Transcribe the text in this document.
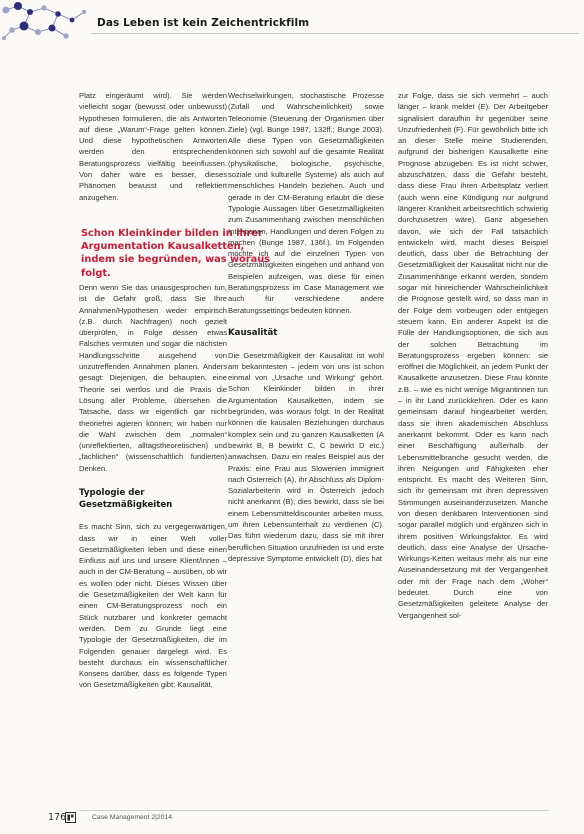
Das Leben ist kein Zeichentrickfilm

Platz eingeräumt wird). Sie werden vielleicht sogar (bewusst oder unbewusst) Hypothesen formulieren, die als Antworten auf diese „Warum“-Frage gelten können. Und diese hypothetischen Antworten werden den entsprechenden Beratungsprozess vielfältig beeinflussen. Von daher wäre es besser, dieses Phänomen bewusst und reflektiert anzugehen.

Schon Kleinkinder bilden in ihrer Argumentation Kausalketten, indem sie begründen, was woraus folgt.

Denn wenn Sie das unausgesprochen tun, ist die Gefahr groß, dass Sie Ihre Annahmen/Hypothesen weder empirisch (z.B. durch Nachfragen) noch gezielt überprüfen, in Folge dessen etwas Falsches vermuten und sogar die nächsten Handlungsschritte ausgehend von unzutreffenden Annahmen planen. Anders gesagt: Diejenigen, die behaupten, eine Theorie sei wertlos und die Praxis die Lösung aller Probleme, übersehen die Tatsache, dass wir eigentlich gar nicht theoriefrei agieren können; wir haben nur die Wahl zwischen dem „normalen“ (unreflektierten, alltagstheoretischen) und „fachlichen“ (wissenschaftlich fundierten) Denken.

Typologie der Gesetzmäßigkeiten

Es macht Sinn, sich zu vergegenwärtigen, dass wir in einer Welt voller Gesetzmäßigkeiten leben und diese einen Einfluss auf uns und unsere Klient/innen – auch in der CM-Beratung – ausüben, ob wir es wollen oder nicht. Dieses Wissen über die Gesetzmäßigkeiten der Welt kann für einen CM-Beratungsprozess noch ein Stück nutzbarer und konkreter gemacht werden. Dem zu Grunde liegt eine Typologie der Gesetzmäßigkeiten, die im Folgenden genauer dargelegt wird. Es besteht durchaus ein wissenschaftlicher Konsens darüber, dass es folgende Typen von Gesetzmäßigkeiten gibt: Kausalität,

Wechselwirkungen, stochastische Prozesse (Zufall und Wahrscheinlichkeit) sowie Teleonomie (Steuerung der Organismen über Ziele) (vgl. Bunge 1987, 132ff.; Bunge 2003). Alle diese Typen von Gesetzmäßigkeiten können sich sowohl auf die gesamte Realität (physikalische, biologische, psychische, soziale und kulturelle Systeme) als auch auf menschliches Handeln beziehen. Auch und gerade in der CM-Beratung erlaubt die diese Typologie Aussagen über Gesetzmäßigkeiten zum Zusammenhang zwischen menschlichen Intentionen, Handlungen und deren Folgen zu machen (Bunge 1987, 136f.). Im Folgenden möchte ich auf die einzelnen Typen von Gesetzmäßigkeiten eingehen und anhand von Beispielen aufzeigen, was diese für einen Beratungsprozess im Case Management wie auch für verschiedene andere Beratungssettings bedeuten können.

Kausalität

Die Gesetzmäßigkeit der Kausalität ist wohl am bekanntesten – jedem von uns ist schon einmal von „Ursache und Wirkung“ gehört. Schon Kleinkinder bilden in ihrer Argumentation Kausalketten, indem sie begründen, was woraus folgt. In der Realität können die kausalen Beziehungen durchaus komplex sein und zu ganzen Kausalketten (A bewirkt B, B bewirkt C, C bewirkt D etc.) anwachsen. Dazu ein reales Beispiel aus der Praxis: eine Frau aus Slowenien immigriert nach Österreich (A), ihr Abschluss als Diplom-Sozialarbeiterin wird in Österreich jedoch nicht anerkannt (B), dies bewirkt, dass sie bei einem Lebensmitteldiscounter arbeiten muss, um ihren Lebensunterhalt zu verdienen (C). Das führt wiederum dazu, dass sie mit ihrer beruflichen Situation unzufrieden ist und erste depressive Symptome entwickelt (D), dies hat

zur Folge, dass sie sich vermehrt – auch länger – krank meldet (E). Der Arbeitgeber signalisiert daraufhin ihr gegenüber seine Unzufriedenheit (F). Für gewöhnlich bitte ich an dieser Stelle meine Studierenden, aufgrund der bisherigen Kausalkette eine Prognose abzugeben. Es ist nicht schwer, abzuschätzen, dass die Gefahr besteht, dass diese Frau ihren Arbeitsplatz verliert (auch wenn eine Kündigung nur aufgrund längerer Krankheit arbeitsrechtlich schwierig durchzusetzen wäre). Ganz abgesehen davon, wie sich der Fall tatsächlich entwickeln wird, macht dieses Beispiel deutlich, dass über die Betrachtung der Gesetzmäßigkeit der Kausalität nicht nur die Zusammenhänge erkannt werden, sondern sogar mit hinreichender Wahrscheinlichkeit die Prognose gestellt wird, so dass man in der Folge dem vorbeugen oder entgegen steuern kann. Ein anderer Aspekt ist die Fülle der Handlungsoptionen, die sich aus der solchen Betrachtung im Beratungsprozess ergeben können: sie eröffnet die Möglichkeit, an jedem Punkt der Kausalkette anzusetzen. Diese Frau könnte z.B. – wie es nicht wenige Migrantinnen tun – in ihr Land zurückkehren. Oder es kann gemeinsam darauf hingearbeitet werden, dass sie ihren akademischen Abschluss anerkannt bekommt. Oder es kann nach einer Beschäftigung außerhalb der Lebensmittelbranche gesucht werden, die ihren Neigungen und Fähigkeiten eher entspricht. Es macht des Weiteren Sinn, sich ihr gemeinsam mit ihren depressiven Stimmungen auseinanderzusetzen. Manche von diesen denkbaren Interventionen sind sogar parallel möglich und ergänzen sich in ihrem positiven Wirkungsfaktor. Es wird deutlich, dass eine Analyse der Ursache-Wirkungs-Ketten weitaus mehr als nur eine Auseinandersetzung mit der Vergangenheit oder mit der Frage nach dem „Woher“ bedeutet. Durch eine von Gesetzmäßigkeiten geleitete Analyse der Vergangenheit sol-

176	Case Management 2|2014
